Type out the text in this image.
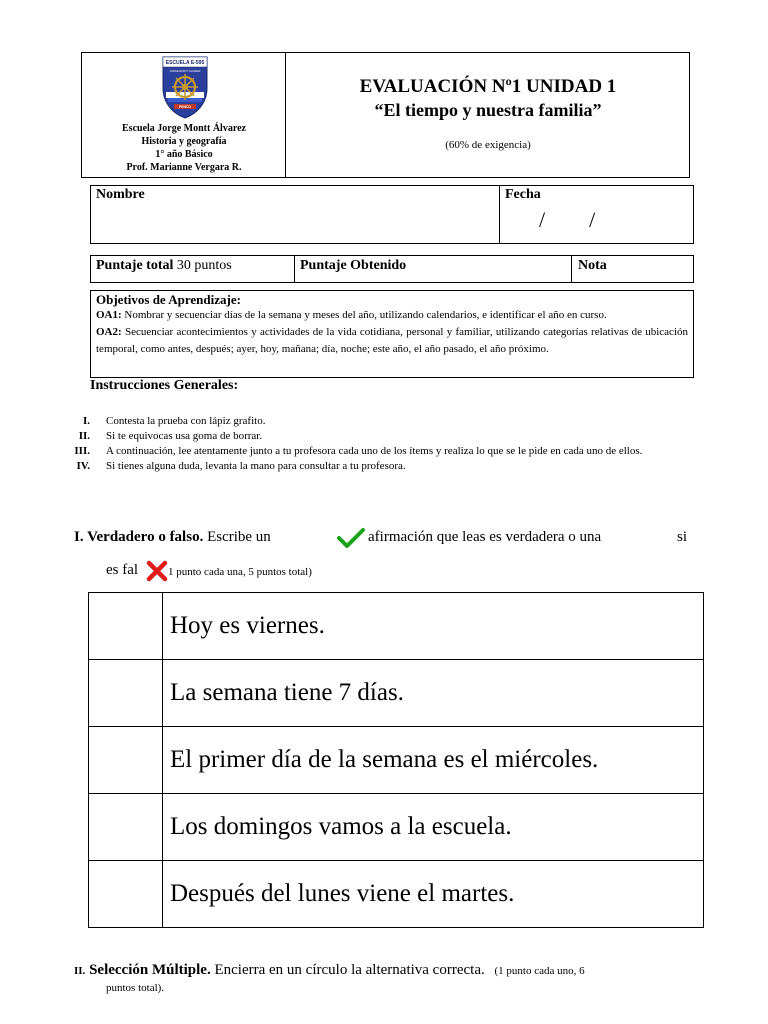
ESCUELA E-595
JORGE MONTT ÁLVAREZ
PENCO
Escuela Jorge Montt Álvarez
Historia y geografía
1° año Básico
Prof. Marianne Vergara R.
EVALUACIÓN Nº1 UNIDAD 1
“El tiempo y nuestra familia”
(60% de exigencia)
Nombre	Fecha
/        /
Puntaje total 30 puntos	Puntaje Obtenido	Nota

Objetivos de Aprendizaje:

OA1: Nombrar y secuenciar días de la semana y meses del año, utilizando calendarios, e identificar el año en curso.

OA2: Secuenciar acontecimientos y actividades de la vida cotidiana, personal y familiar, utilizando categorías relativas de ubicación temporal, como antes, después; ayer, hoy, mañana; día, noche; este año, el año pasado, el año próximo.

Instrucciones Generales:
I.	Contesta la prueba con lápiz grafito.
II.	Si te equivocas usa goma de borrar.
III.	A continuación, lee atentamente junto a tu profesora cada uno de los ítems y realiza lo que se le pide en cada uno de ellos.
IV.	Si tienes alguna duda, levanta la mano para consultar a tu profesora.
I. Verdadero o falso. Escribe un	afirmación que leas es verdadera o una	si
es fal	1 punto cada una, 5 puntos total)
	Hoy es viernes.
	La semana tiene 7 días.
	El primer día de la semana es el miércoles.
	Los domingos vamos a la escuela.
	Después del lunes viene el martes.
II. Selección Múltiple. Encierra en un círculo la alternativa correcta. (1 punto cada uno, 6
puntos total).
